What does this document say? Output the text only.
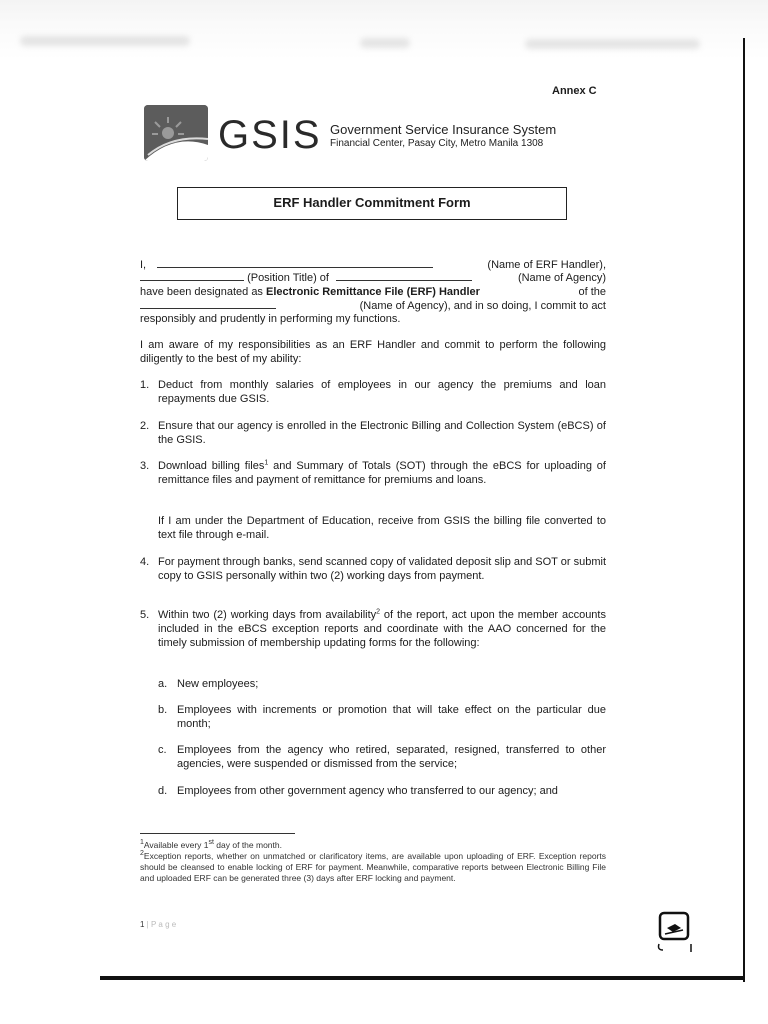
Annex C
GSIS Government Service Insurance System
Financial Center, Pasay City, Metro Manila 1308
ERF Handler Commitment Form
I,	(Name of ERF Handler),
(Position Title) of	(Name of Agency)
have been designated as Electronic Remittance File (ERF) Handler	of the
(Name of Agency), and in so doing, I commit to act
responsibly and prudently in performing my functions.
I am aware of my responsibilities as an ERF Handler and commit to perform the following diligently to the best of my ability:
1. Deduct from monthly salaries of employees in our agency the premiums and loan repayments due GSIS.
2. Ensure that our agency is enrolled in the Electronic Billing and Collection System (eBCS) of the GSIS.
3. Download billing files$^1$ and Summary of Totals (SOT) through the eBCS for uploading of remittance files and payment of remittance for premiums and loans.
If I am under the Department of Education, receive from GSIS the billing file converted to text file through e-mail.
4. For payment through banks, send scanned copy of validated deposit slip and SOT or submit copy to GSIS personally within two (2) working days from payment.
5. Within two (2) working days from availability$^2$ of the report, act upon the member accounts included in the eBCS exception reports and coordinate with the AAO concerned for the timely submission of membership updating forms for the following:
a. New employees;
b. Employees with increments or promotion that will take effect on the particular due month;
c. Employees from the agency who retired, separated, resigned, transferred to other agencies, were suspended or dismissed from the service;
d. Employees from other government agency who transferred to our agency; and
$^1$Available every 1st day of the month.
$^2$Exception reports, whether on unmatched or clarificatory items, are available upon uploading of ERF. Exception reports should be cleansed to enable locking of ERF for payment. Meanwhile, comparative reports between Electronic Billing File and uploaded ERF can be generated three (3) days after ERF locking and payment.
1 | P a g e
